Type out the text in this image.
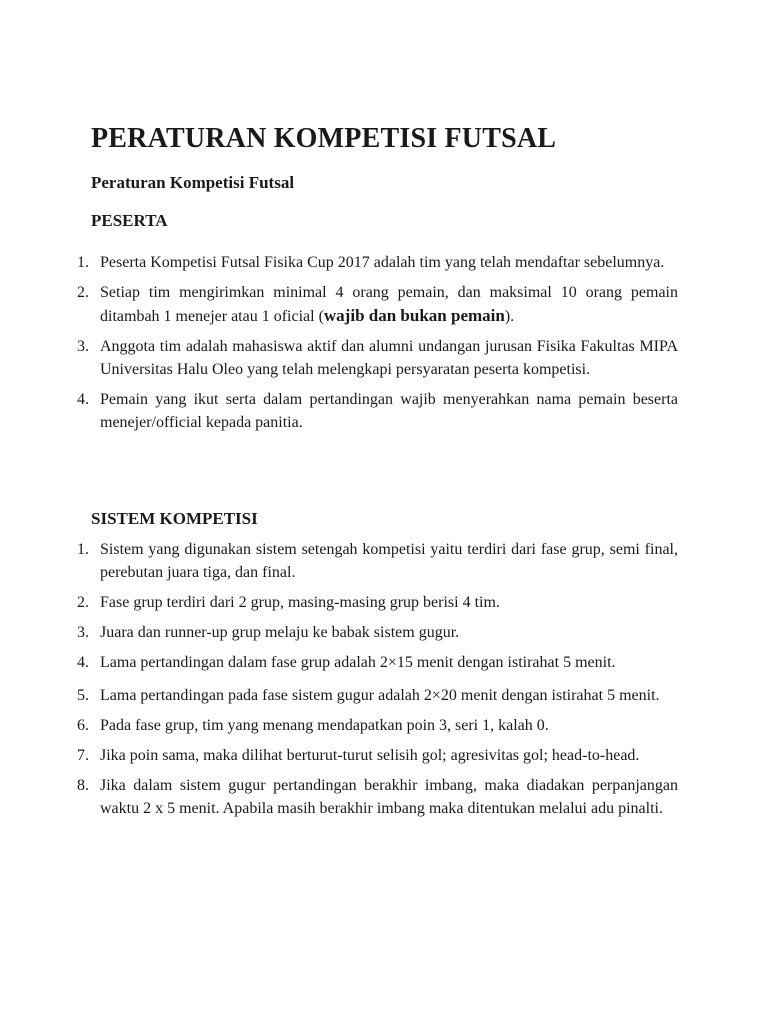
PERATURAN KOMPETISI FUTSAL
Peraturan Kompetisi Futsal
PESERTA
1. Peserta Kompetisi Futsal Fisika Cup 2017 adalah tim yang telah mendaftar sebelumnya.
2. Setiap tim mengirimkan minimal 4 orang pemain, dan maksimal 10 orang pemain ditambah 1 menejer atau 1 oficial (wajib dan bukan pemain).
3. Anggota tim adalah mahasiswa aktif dan alumni undangan jurusan Fisika Fakultas MIPA Universitas Halu Oleo yang telah melengkapi persyaratan peserta kompetisi.
4. Pemain yang ikut serta dalam pertandingan wajib menyerahkan nama pemain beserta menejer/official kepada panitia.
SISTEM KOMPETISI
1. Sistem yang digunakan sistem setengah kompetisi yaitu terdiri dari fase grup, semi final, perebutan juara tiga, dan final.
2. Fase grup terdiri dari 2 grup, masing-masing grup berisi 4 tim.
3. Juara dan runner-up grup melaju ke babak sistem gugur.
4. Lama pertandingan dalam fase grup adalah 2×15 menit dengan istirahat 5 menit.
5. Lama pertandingan pada fase sistem gugur adalah 2×20 menit dengan istirahat 5 menit.
6. Pada fase grup, tim yang menang mendapatkan poin 3, seri 1, kalah 0.
7. Jika poin sama, maka dilihat berturut-turut selisih gol; agresivitas gol; head-to-head.
8. Jika dalam sistem gugur pertandingan berakhir imbang, maka diadakan perpanjangan waktu 2 x 5 menit. Apabila masih berakhir imbang maka ditentukan melalui adu pinalti.
